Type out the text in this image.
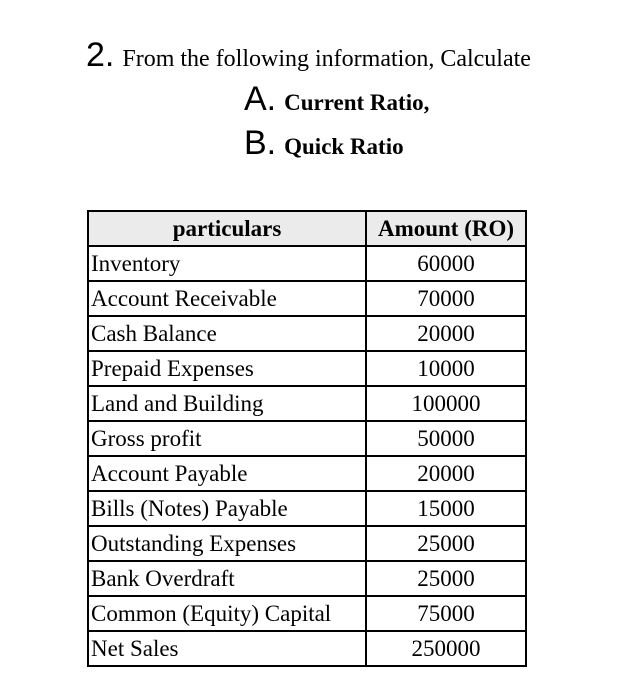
2. From the following information, Calculate
A. Current Ratio,
B. Quick Ratio
particulars	Amount (RO)
Inventory	60000
Account Receivable	70000
Cash Balance	20000
Prepaid Expenses	10000
Land and Building	100000
Gross profit	50000
Account Payable	20000
Bills (Notes) Payable	15000
Outstanding Expenses	25000
Bank Overdraft	25000
Common (Equity) Capital	75000
Net Sales	250000
